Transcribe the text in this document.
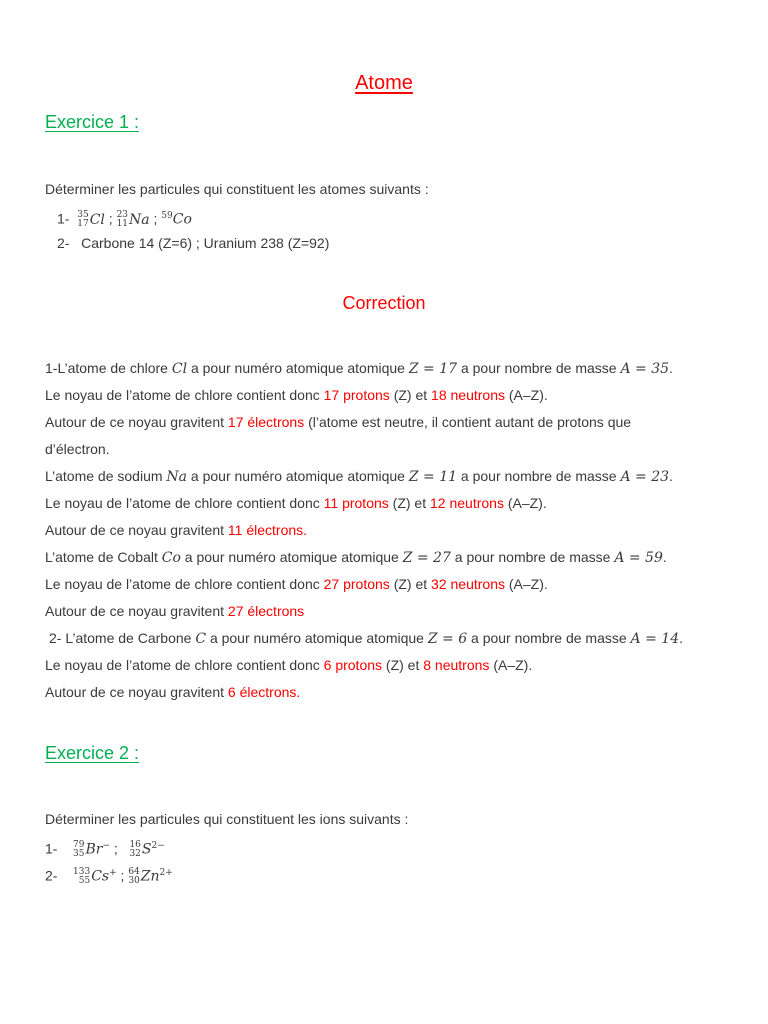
Atome
Exercice 1 :
Déterminer les particules qui constituent les atomes suivants :
1- 35
17 Cl ; 23
11 Na ; $^{59}$Co
2- Carbone 14 (Z=6) ; Uranium 238 (Z=92)
Correction
1-L’atome de chlore Cl a pour numéro atomique atomique Z = 17 a pour nombre de masse A = 35.
Le noyau de l’atome de chlore contient donc 17 protons (Z) et 18 neutrons (A–Z).
Autour de ce noyau gravitent 17 électrons (l’atome est neutre, il contient autant de protons que
d’électron.
L’atome de sodium Na a pour numéro atomique atomique Z = 11 a pour nombre de masse A = 23.
Le noyau de l’atome de chlore contient donc 11 protons (Z) et 12 neutrons (A–Z).
Autour de ce noyau gravitent 11 électrons.
L’atome de Cobalt Co a pour numéro atomique atomique Z = 27 a pour nombre de masse A = 59.
Le noyau de l’atome de chlore contient donc 27 protons (Z) et 32 neutrons (A–Z).
Autour de ce noyau gravitent 27 électrons
2- L’atome de Carbone C a pour numéro atomique atomique Z = 6 a pour nombre de masse A = 14.
Le noyau de l’atome de chlore contient donc 6 protons (Z) et 8 neutrons (A–Z).
Autour de ce noyau gravitent 6 électrons.
Exercice 2 :
Déterminer les particules qui constituent les ions suivants :
1- 79
35 Br− ; 16
32 $S^{2-}$
2- 133
55 Cs+ ; 64
30 $Zn^{2+}$
